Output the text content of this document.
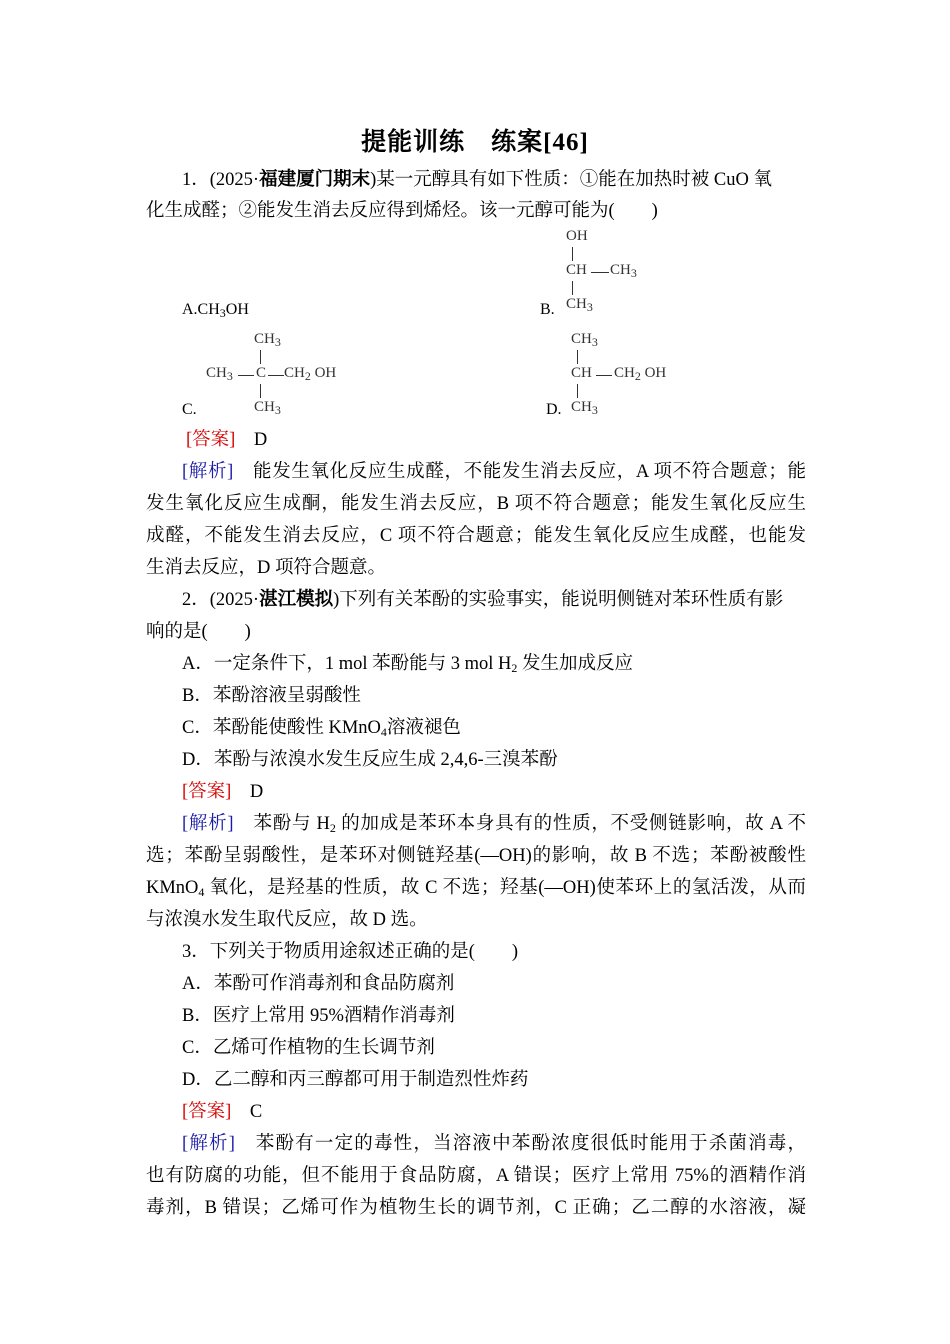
提能训练　练案[46]
1．(2025·福建厦门期末)某一元醇具有如下性质：①能在加热时被 CuO 氧
化生成醛；②能发生消去反应得到烯烃。该一元醇可能为(　　)
$A.CH_3OH$	B.
OH
CH $CH_3$
$CH_3$
C.
$CH_3$
$CH_3$ C $CH_2$ OH
$CH_3$	D.
$CH_3$
CH $CH_2$ OH
$CH_3$
[答案]　 D
[解析]　 能发生氧化反应生成醛，不能发生消去反应，A 项不符合题意；能
发生氧化反应生成酮，能发生消去反应，B 项不符合题意；能发生氧化反应生
成醛，不能发生消去反应，C 项不符合题意；能发生氧化反应生成醛，也能发
生消去反应，D 项符合题意。
2．(2025·湛江模拟)下列有关苯酚的实验事实，能说明侧链对苯环性质有影
响的是(　　)
A．一定条件下，1 mol 苯酚能与 3 mol $H_2$ 发生加成反应
B．苯酚溶液呈弱酸性
C．苯酚能使酸性 KMnO$_4$溶液褪色
D．苯酚与浓溴水发生反应生成 2,4,6-三溴苯酚
[答案]　 D
[解析]　 苯酚与 $H_2$ 的加成是苯环本身具有的性质，不受侧链影响，故 A 不
选；苯酚呈弱酸性，是苯环对侧链羟基(—OH)的影响，故 B 不选；苯酚被酸性
KMnO$_4$ 氧化，是羟基的性质，故 C 不选；羟基(—OH)使苯环上的氢活泼，从而
与浓溴水发生取代反应，故 D 选。
3．下列关于物质用途叙述正确的是(　　)
A．苯酚可作消毒剂和食品防腐剂
B．医疗上常用 95%酒精作消毒剂
C．乙烯可作植物的生长调节剂
D．乙二醇和丙三醇都可用于制造烈性炸药
[答案]　 C
[解析]　 苯酚有一定的毒性，当溶液中苯酚浓度很低时能用于杀菌消毒，
也有防腐的功能，但不能用于食品防腐，A 错误；医疗上常用 75%的酒精作消
毒剂，B 错误；乙烯可作为植物生长的调节剂，C 正确；乙二醇的水溶液，凝
